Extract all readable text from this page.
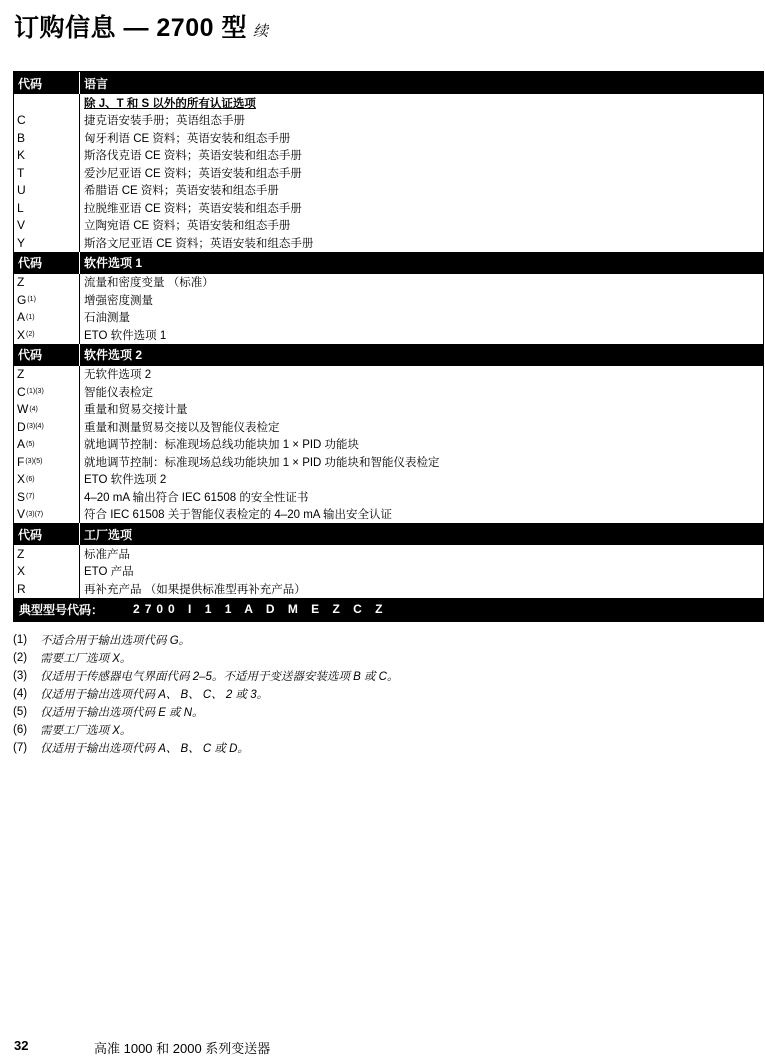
订购信息 — 2700 型 续
代码	语言
除 J、T 和 S 以外的所有认证选项
C	捷克语安装手册；英语组态手册
B	匈牙利语 CE 资料；英语安装和组态手册
K	斯洛伐克语 CE 资料；英语安装和组态手册
T	爱沙尼亚语 CE 资料；英语安装和组态手册
U	希腊语 CE 资料；英语安装和组态手册
L	拉脱维亚语 CE 资料；英语安装和组态手册
V	立陶宛语 CE 资料；英语安装和组态手册
Y	斯洛文尼亚语 CE 资料；英语安装和组态手册
代码	软件选项 1
Z	流量和密度变量 （标准）
G (1)	增强密度测量
A (1)	石油测量
X (2)	ETO 软件选项 1
代码	软件选项 2
Z	无软件选项 2
C (1)(3)	智能仪表检定
W (4)	重量和贸易交接计量
D (3)(4)	重量和测量贸易交接以及智能仪表检定
A (5)	就地调节控制：标准现场总线功能块加 1 × PID 功能块
F (3)(5)	就地调节控制：标准现场总线功能块加 1 × PID 功能块和智能仪表检定
X (6)	ETO 软件选项 2
S (7)	4–20 mA 输出符合 IEC 61508 的安全性证书
V (3)(7)	符合 IEC 61508 关于智能仪表检定的 4–20 mA 输出安全认证
代码	工厂选项
Z	标准产品
X	ETO 产品
R	再补充产品 （如果提供标准型再补充产品）
典型型号代码：	2700 I 1 1 A D M E Z C Z
(1)	不适合用于输出选项代码 G。
(2)	需要工厂选项 X。
(3)	仅适用于传感器电气界面代码 2–5。不适用于变送器安装选项 B 或 C。
(4)	仅适用于输出选项代码 A、 B、 C、 2 或 3。
(5)	仅适用于输出选项代码 E 或 N。
(6)	需要工厂选项 X。
(7)	仅适用于输出选项代码 A、 B、 C 或 D。
32	高准 1000 和 2000 系列变送器
